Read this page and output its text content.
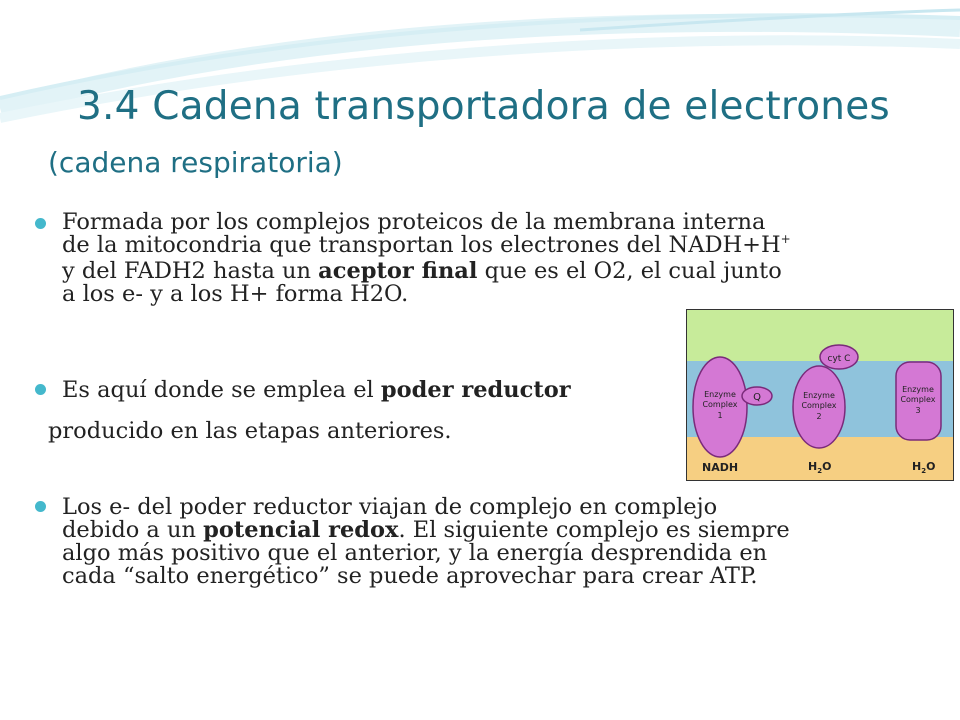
3.4 Cadena transportadora de electrones
(cadena respiratoria)

Formada por los complejos proteicos de la membrana interna
de la mitocondria que transportan los electrones del NADH+H+
y del FADH2 hasta un aceptor final que es el O2, el cual junto
a los e- y a los H+ forma H2O.

Es aquí donde se emplea el poder reductor

producido en las etapas anteriores.

Los e- del poder reductor viajan de complejo en complejo
debido a un potencial redox. El siguiente complejo es siempre
algo más positivo que el anterior, y la energía desprendida en
cada “salto energético” se puede aprovechar para crear ATP.

Enzyme
Complex
1
Q	Enzyme
Complex
2
cyt C
Enzyme
Complex
3
NADH	$H_2O$	$H_2O$
